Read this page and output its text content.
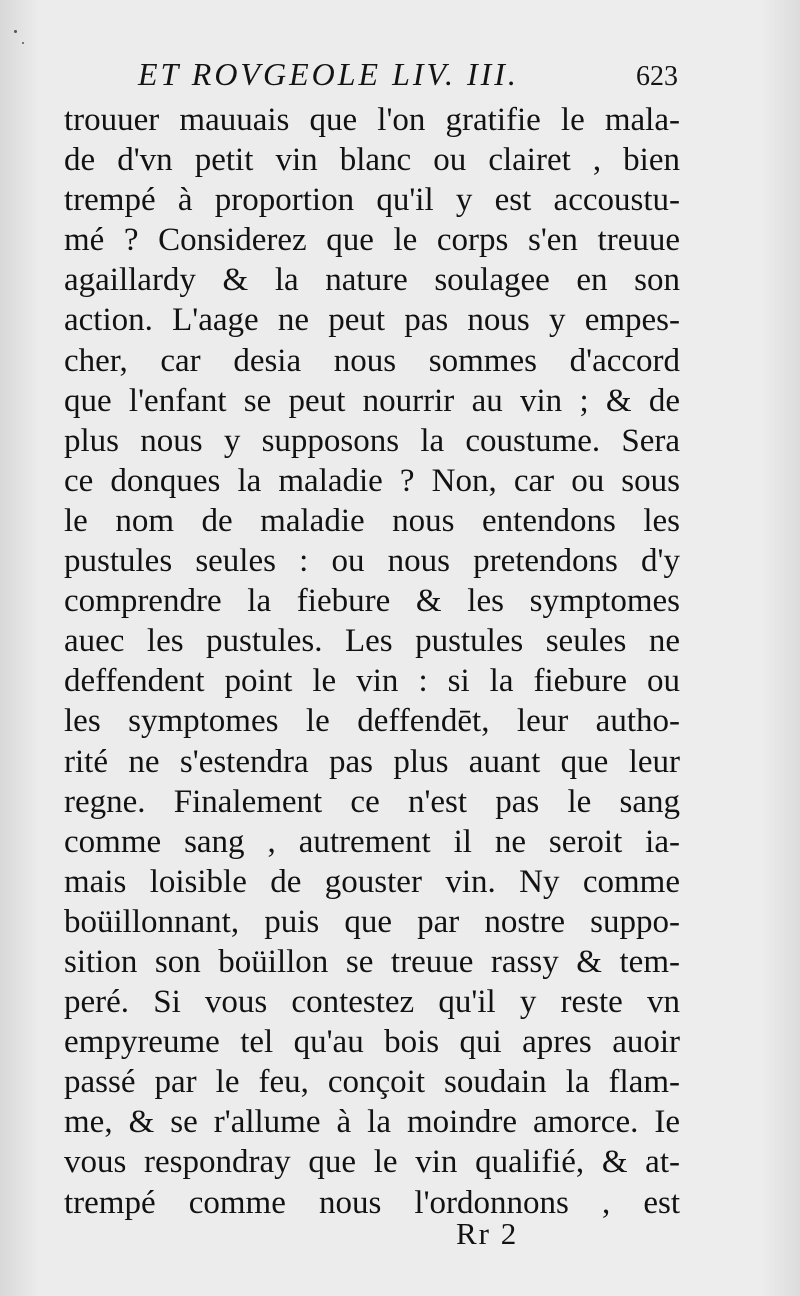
ET ROVGEOLE LIV. III.	623
trouuer mauuais que l'on gratifie le mala-
de d'vn petit vin blanc ou clairet , bien
trempé à proportion qu'il y est accoustu-
mé ? Considerez que le corps s'en treuue
agaillardy & la nature soulagee en son
action. L'aage ne peut pas nous y empes-
cher, car desia nous sommes d'accord
que l'enfant se peut nourrir au vin ; & de
plus nous y supposons la coustume. Sera
ce donques la maladie ? Non, car ou sous
le nom de maladie nous entendons les
pustules seules : ou nous pretendons d'y
comprendre la fiebure & les symptomes
auec les pustules. Les pustules seules ne
deffendent point le vin : si la fiebure ou
les symptomes le deffendēt, leur autho-
rité ne s'estendra pas plus auant que leur
regne. Finalement ce n'est pas le sang
comme sang , autrement il ne seroit ia-
mais loisible de gouster vin. Ny comme
boüillonnant, puis que par nostre suppo-
sition son boüillon se treuue rassy & tem-
peré. Si vous contestez qu'il y reste vn
empyreume tel qu'au bois qui apres auoir
passé par le feu, conçoit soudain la flam-
me, & se r'allume à la moindre amorce. Ie
vous respondray que le vin qualifié, & at-
trempé comme nous l'ordonnons , est
Rr 2
